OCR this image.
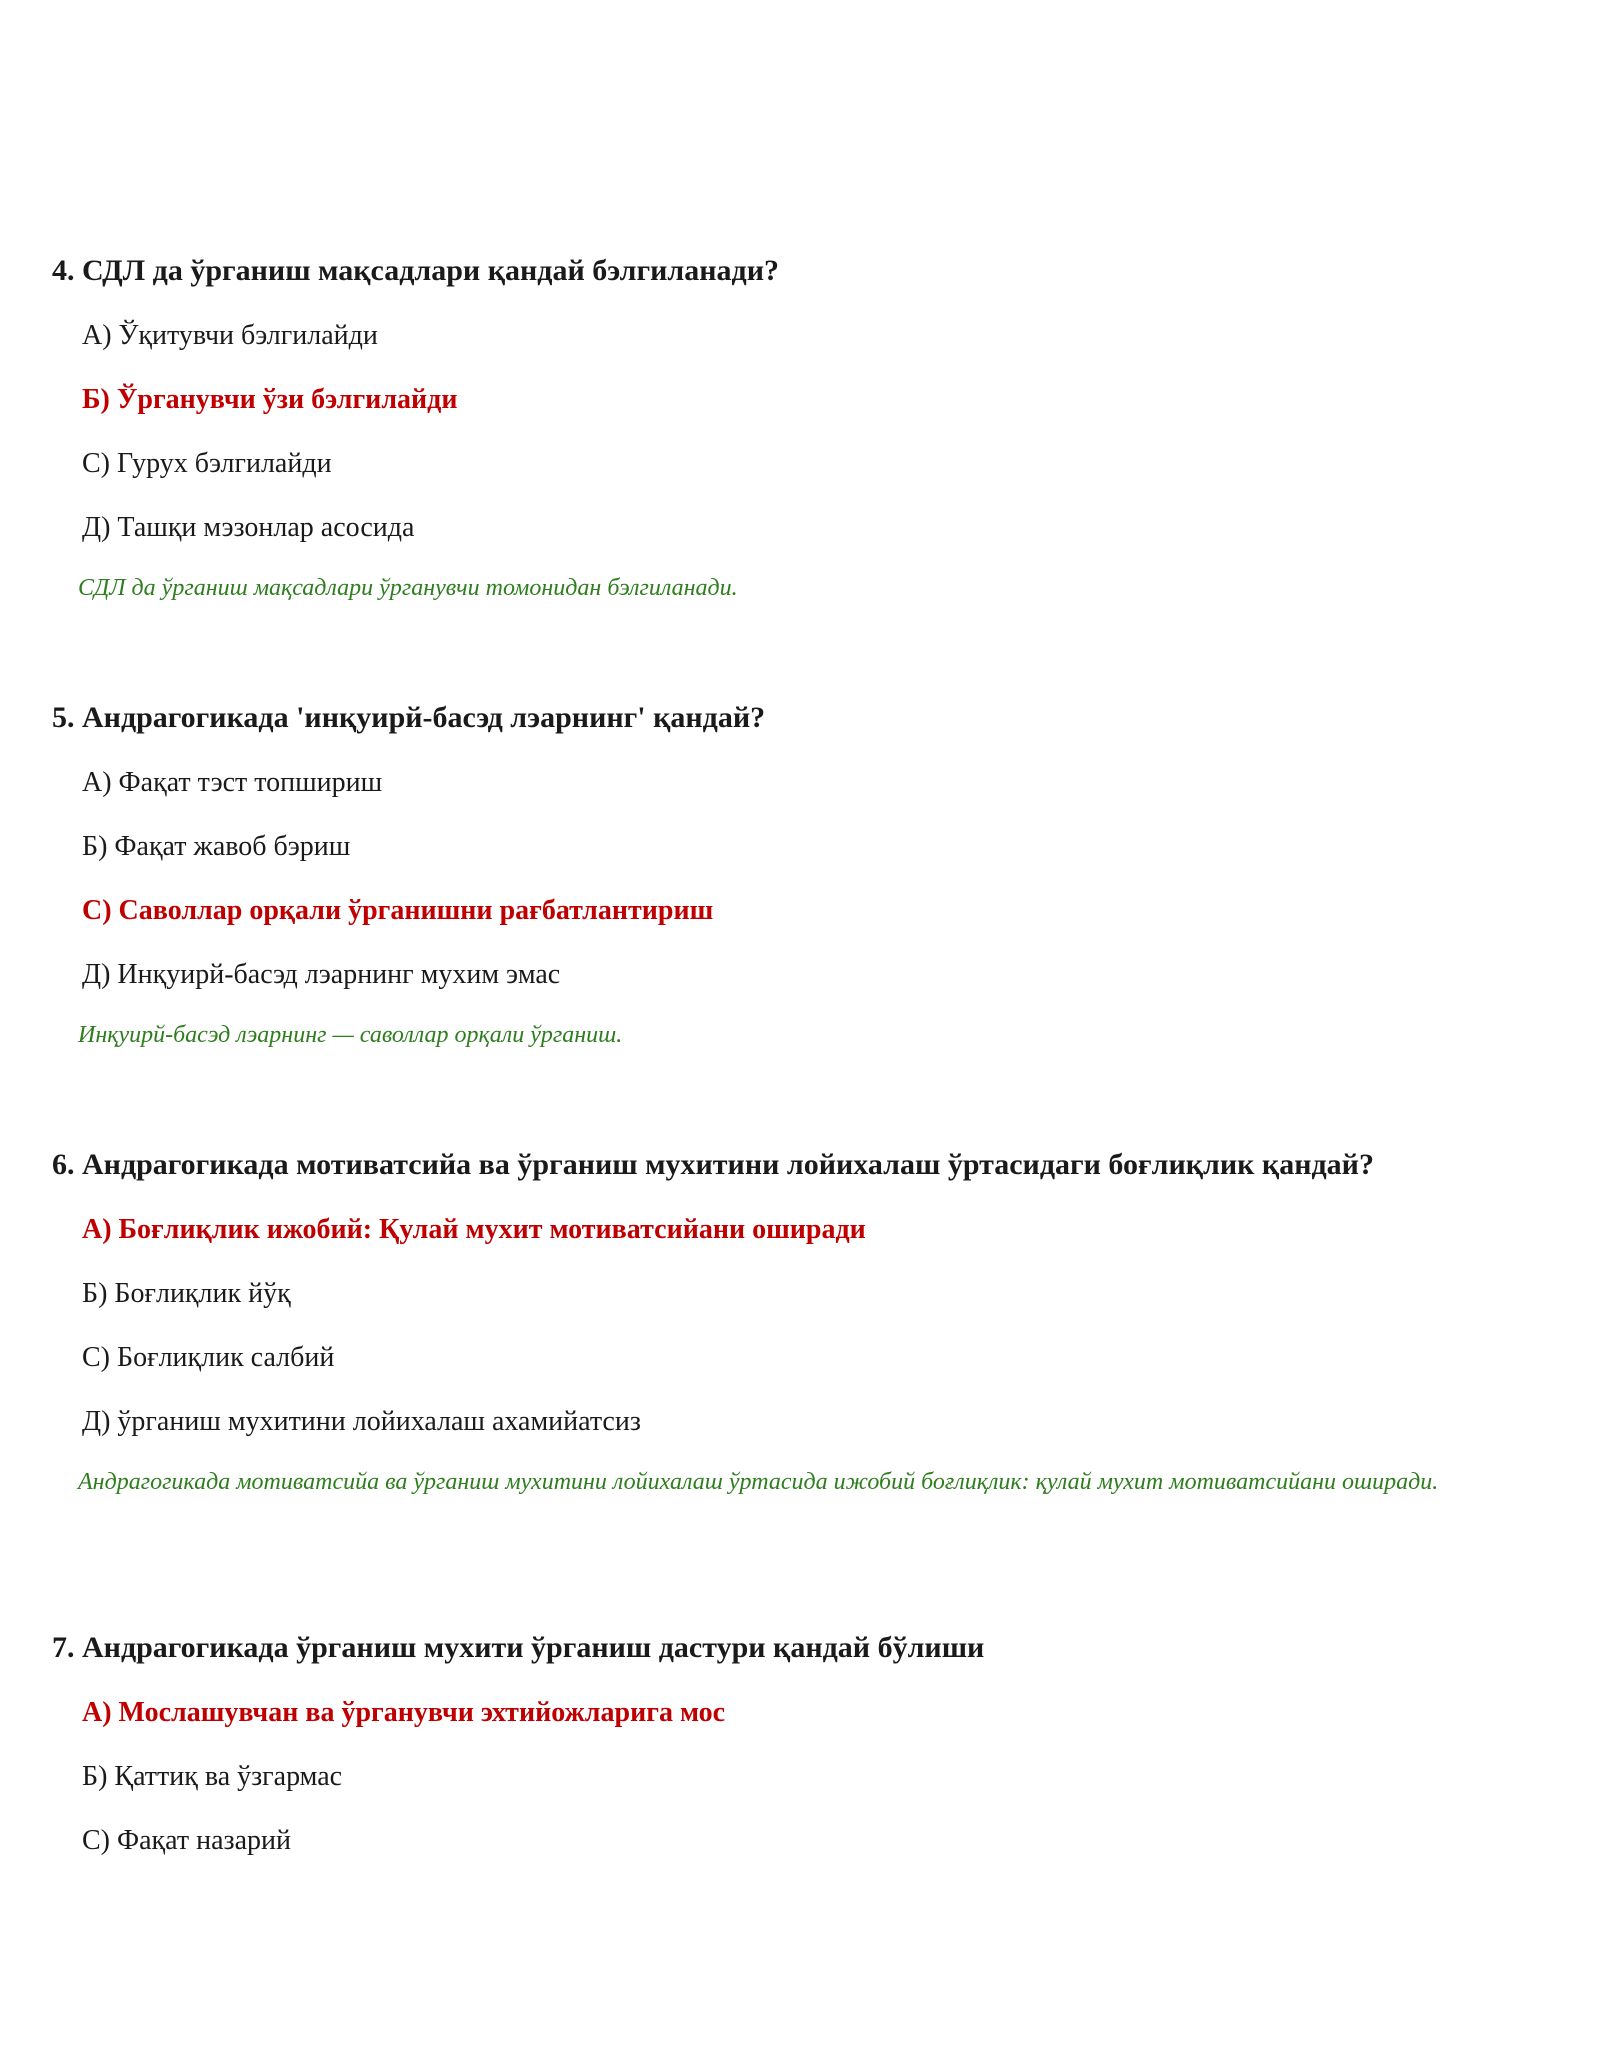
4. СДЛ да ўрганиш мақсадлари қандай бэлгиланади?
А) Ўқитувчи бэлгилайди
Б) Ўрганувчи ўзи бэлгилайди
С) Гурух бэлгилайди
Д) Ташқи мэзонлар асосида

СДЛ да ўрганиш мақсадлари ўрганувчи томонидан бэлгиланади.

5. Андрагогикада 'инқуирй-басэд лэарнинг' қандай?
А) Фақат тэст топшириш
Б) Фақат жавоб бэриш
С) Саволлар орқали ўрганишни рағбатлантириш
Д) Инқуирй-басэд лэарнинг мухим эмас

Инқуирй-басэд лэарнинг — саволлар орқали ўрганиш.

6. Андрагогикада мотиватсийа ва ўрганиш мухитини лойихалаш ўртасидаги боғлиқлик қандай?
А) Боғлиқлик ижобий: Қулай мухит мотиватсийани оширади
Б) Боғлиқлик йўқ
С) Боғлиқлик салбий
Д) ўрганиш мухитини лойихалаш ахамийатсиз

Андрагогикада мотиватсийа ва ўрганиш мухитини лойихалаш ўртасида ижобий боғлиқлик: қулай мухит мотиватсийани оширади.

7. Андрагогикада ўрганиш мухити ўрганиш дастури қандай бўлиши
А) Мослашувчан ва ўрганувчи эхтийожларига мос
Б) Қаттиқ ва ўзгармас
С) Фақат назарий
